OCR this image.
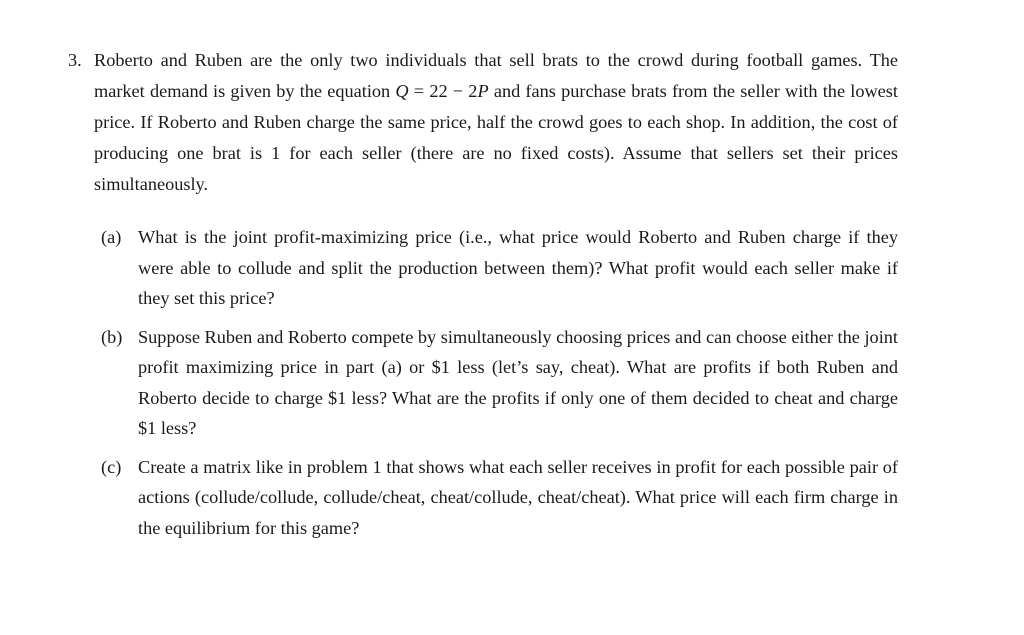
3. Roberto and Ruben are the only two individuals that sell brats to the crowd during football games. The market demand is given by the equation Q = 22 − 2P and fans purchase brats from the seller with the lowest price. If Roberto and Ruben charge the same price, half the crowd goes to each shop. In addition, the cost of producing one brat is 1 for each seller (there are no fixed costs). Assume that sellers set their prices simultaneously.

(a) What is the joint profit-maximizing price (i.e., what price would Roberto and Ruben charge if they were able to collude and split the production between them)? What profit would each seller make if they set this price?

(b) Suppose Ruben and Roberto compete by simultaneously choosing prices and can choose either the joint profit maximizing price in part (a) or $1 less (let’s say, cheat). What are profits if both Ruben and Roberto decide to charge $1 less? What are the profits if only one of them decided to cheat and charge $1 less?

(c) Create a matrix like in problem 1 that shows what each seller receives in profit for each possible pair of actions (collude/collude, collude/cheat, cheat/collude, cheat/cheat). What price will each firm charge in the equilibrium for this game?
